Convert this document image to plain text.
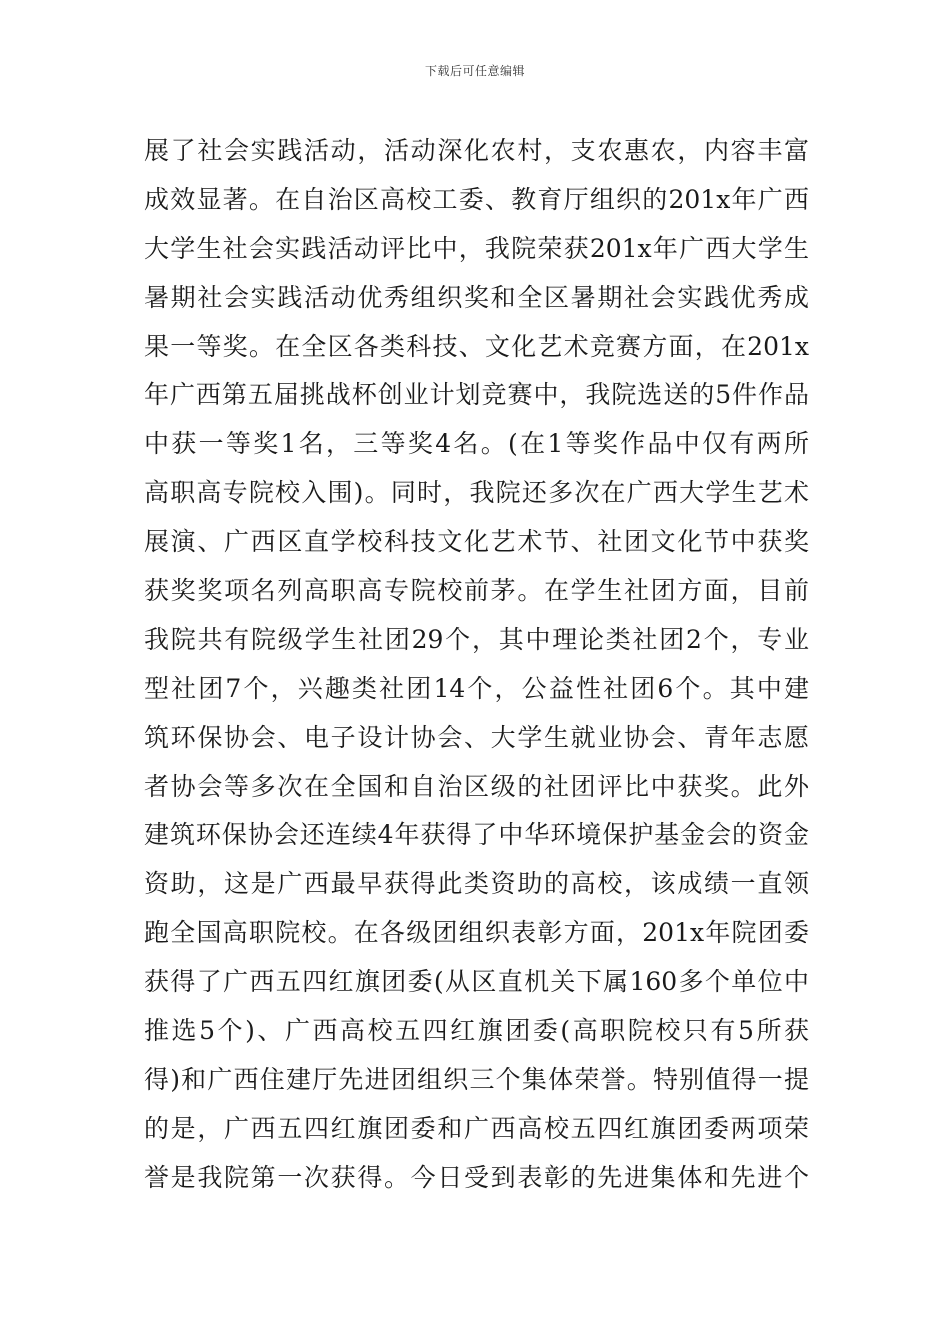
下载后可任意编辑
展了社会实践活动，活动深化农村，支农惠农，内容丰富
成效显著。在自治区高校工委、教育厅组织的201x年广西
大学生社会实践活动评比中，我院荣获201x年广西大学生
暑期社会实践活动优秀组织奖和全区暑期社会实践优秀成
果一等奖。在全区各类科技、文化艺术竞赛方面，在201x
年广西第五届挑战杯创业计划竞赛中，我院选送的5件作品
中获一等奖1名，三等奖4名。(在1等奖作品中仅有两所
高职高专院校入围)。同时，我院还多次在广西大学生艺术
展演、广西区直学校科技文化艺术节、社团文化节中获奖
获奖奖项名列高职高专院校前茅。在学生社团方面，目前
我院共有院级学生社团29个，其中理论类社团2个，专业
型社团7个，兴趣类社团14个，公益性社团6个。其中建
筑环保协会、电子设计协会、大学生就业协会、青年志愿
者协会等多次在全国和自治区级的社团评比中获奖。此外
建筑环保协会还连续4年获得了中华环境保护基金会的资金
资助，这是广西最早获得此类资助的高校，该成绩一直领
跑全国高职院校。在各级团组织表彰方面，201x年院团委
获得了广西五四红旗团委(从区直机关下属160多个单位中
推选5个)、广西高校五四红旗团委(高职院校只有5所获
得)和广西住建厅先进团组织三个集体荣誉。特别值得一提
的是，广西五四红旗团委和广西高校五四红旗团委两项荣
誉是我院第一次获得。今日受到表彰的先进集体和先进个
